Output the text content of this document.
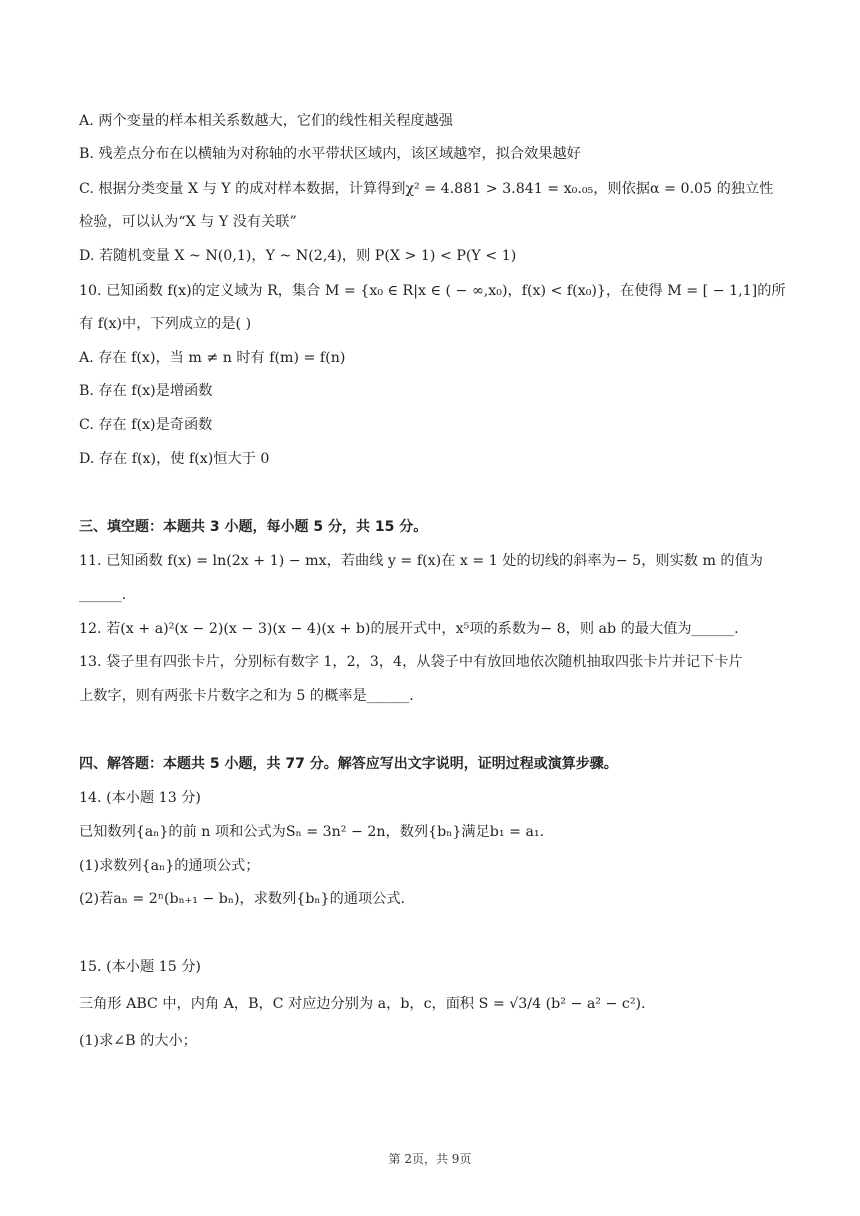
A. 两个变量的样本相关系数越大，它们的线性相关程度越强
B. 残差点分布在以横轴为对称轴的水平带状区域内，该区域越窄，拟合效果越好
C. 根据分类变量 X 与 Y 的成对样本数据，计算得到χ² = 4.881 > 3.841 = x₀.₀₅，则依据α = 0.05 的独立性
检验，可以认为“X 与 Y 没有关联”
D. 若随机变量 X ~ N(0,1)，Y ~ N(2,4)，则 P(X > 1) < P(Y < 1)
10. 已知函数 f(x)的定义域为 R，集合 M = {x₀ ∈ R|x ∈ ( − ∞,x₀)，f(x) < f(x₀)}，在使得 M = [ − 1,1]的所
有 f(x)中，下列成立的是( )
A. 存在 f(x)，当 m ≠ n 时有 f(m) = f(n)
B. 存在 f(x)是增函数
C. 存在 f(x)是奇函数
D. 存在 f(x)，使 f(x)恒大于 0
三、填空题：本题共 3 小题，每小题 5 分，共 15 分。
11. 已知函数 f(x) = ln(2x + 1) − mx，若曲线 y = f(x)在 x = 1 处的切线的斜率为− 5，则实数 m 的值为
______.
12. 若(x + a)²(x − 2)(x − 3)(x − 4)(x + b)的展开式中，x⁵项的系数为− 8，则 ab 的最大值为______.
13. 袋子里有四张卡片，分别标有数字 1，2，3，4，从袋子中有放回地依次随机抽取四张卡片并记下卡片
上数字，则有两张卡片数字之和为 5 的概率是______.
四、解答题：本题共 5 小题，共 77 分。解答应写出文字说明，证明过程或演算步骤。
14. (本小题 13 分)
已知数列{aₙ}的前 n 项和公式为Sₙ = 3n² − 2n，数列{bₙ}满足b₁ = a₁.
(1)求数列{aₙ}的通项公式；
(2)若aₙ = 2ⁿ(bₙ₊₁ − bₙ)，求数列{bₙ}的通项公式.
15. (本小题 15 分)
三角形 ABC 中，内角 A，B，C 对应边分别为 a，b，c，面积 S = √3/4 (b² − a² − c²).
(1)求∠B 的大小；
第 2页，共 9页
